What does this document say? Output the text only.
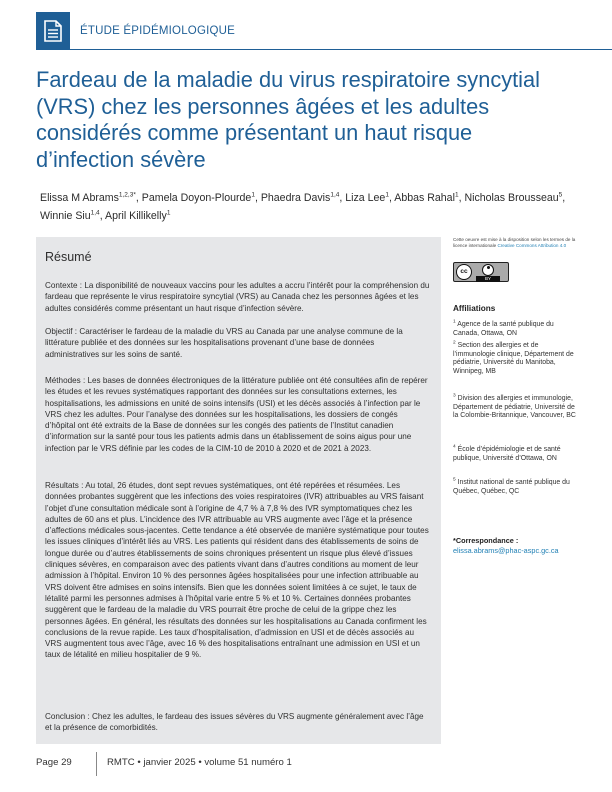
ÉTUDE ÉPIDÉMIOLOGIQUE
Fardeau de la maladie du virus respiratoire syncytial (VRS) chez les personnes âgées et les adultes considérés comme présentant un haut risque d’infection sévère
Elissa M Abrams$^{1,2,3*}$, Pamela Doyon-Plourde$^1$, Phaedra Davis$^{1,4}$, Liza Lee$^1$, Abbas Rahal$^1$, Nicholas Brousseau$^5$, Winnie Siu$^{1,4}$, April Killikelly$^1$
Résumé

Contexte : La disponibilité de nouveaux vaccins pour les adultes a accru l’intérêt pour la compréhension du fardeau que représente le virus respiratoire syncytial (VRS) au Canada chez les personnes âgées et les adultes considérés comme présentant un haut risque d’infection sévère.

Objectif : Caractériser le fardeau de la maladie du VRS au Canada par une analyse commune de la littérature publiée et des données sur les hospitalisations provenant d’une base de données administratives sur les soins de santé.

Méthodes : Les bases de données électroniques de la littérature publiée ont été consultées afin de repérer les études et les revues systématiques rapportant des données sur les consultations externes, les hospitalisations, les admissions en unité de soins intensifs (USI) et les décès associés à l’infection par le VRS chez les adultes. Pour l’analyse des données sur les hospitalisations, les dossiers de congés d’hôpital ont été extraits de la Base de données sur les congés des patients de l’Institut canadien d’information sur la santé pour tous les patients admis dans un établissement de soins aigus pour une infection par le VRS définie par les codes de la CIM-10 de 2010 à 2020 et de 2021 à 2023.

Résultats : Au total, 26 études, dont sept revues systématiques, ont été repérées et résumées. Les données probantes suggèrent que les infections des voies respiratoires (IVR) attribuables au VRS faisant l’objet d’une consultation médicale sont à l’origine de 4,7 % à 7,8 % des IVR symptomatiques chez les adultes de 60 ans et plus. L’incidence des IVR attribuable au VRS augmente avec l’âge et la présence d’affections médicales sous-jacentes. Cette tendance a été observée de manière systématique pour toutes les issues cliniques d’intérêt liés au VRS. Les patients qui résident dans des établissements de soins de longue durée ou d’autres établissements de soins chroniques présentent un risque plus élevé d’issues cliniques sévères, en comparaison avec des patients vivant dans d’autres conditions au moment de leur admission à l’hôpital. Environ 10 % des personnes âgées hospitalisées pour une infection attribuable au VRS doivent être admises en soins intensifs. Bien que les données soient limitées à ce sujet, le taux de létalité parmi les personnes admises à l’hôpital varie entre 5 % et 10 %. Certaines données probantes suggèrent que le fardeau de la maladie du VRS pourrait être proche de celui de la grippe chez les personnes âgées. En général, les résultats des données sur les hospitalisations au Canada confirment les conclusions de la revue rapide. Les taux d’hospitalisation, d’admission en USI et de décès associés au VRS augmentent tous avec l’âge, avec 16 % des hospitalisations entraînant une admission en USI et un taux de létalité en milieu hospitalier de 9 %.

Conclusion : Chez les adultes, le fardeau des issues sévères du VRS augmente généralement avec l’âge et la présence de comorbidités.

Cette oeuvre est mise à la disposition selon les termes de la licence internationale Creative Commons Attribution 4.0
cc
BY
Affiliations
$^1$ Agence de la santé publique du Canada, Ottawa, ON
$^2$ Section des allergies et de l’immunologie clinique, Département de pédiatrie, Université du Manitoba, Winnipeg, MB
$^3$ Division des allergies et immunologie, Département de pédiatrie, Université de la Colombie-Britannique, Vancouver, BC
$^4$ École d’épidémiologie et de santé publique, Université d’Ottawa, ON
$^5$ Institut national de santé publique du Québec, Québec, QC
*Correspondance :
elissa.abrams@phac-aspc.gc.ca
Page 29	RMTC • janvier 2025 • volume 51 numéro 1
